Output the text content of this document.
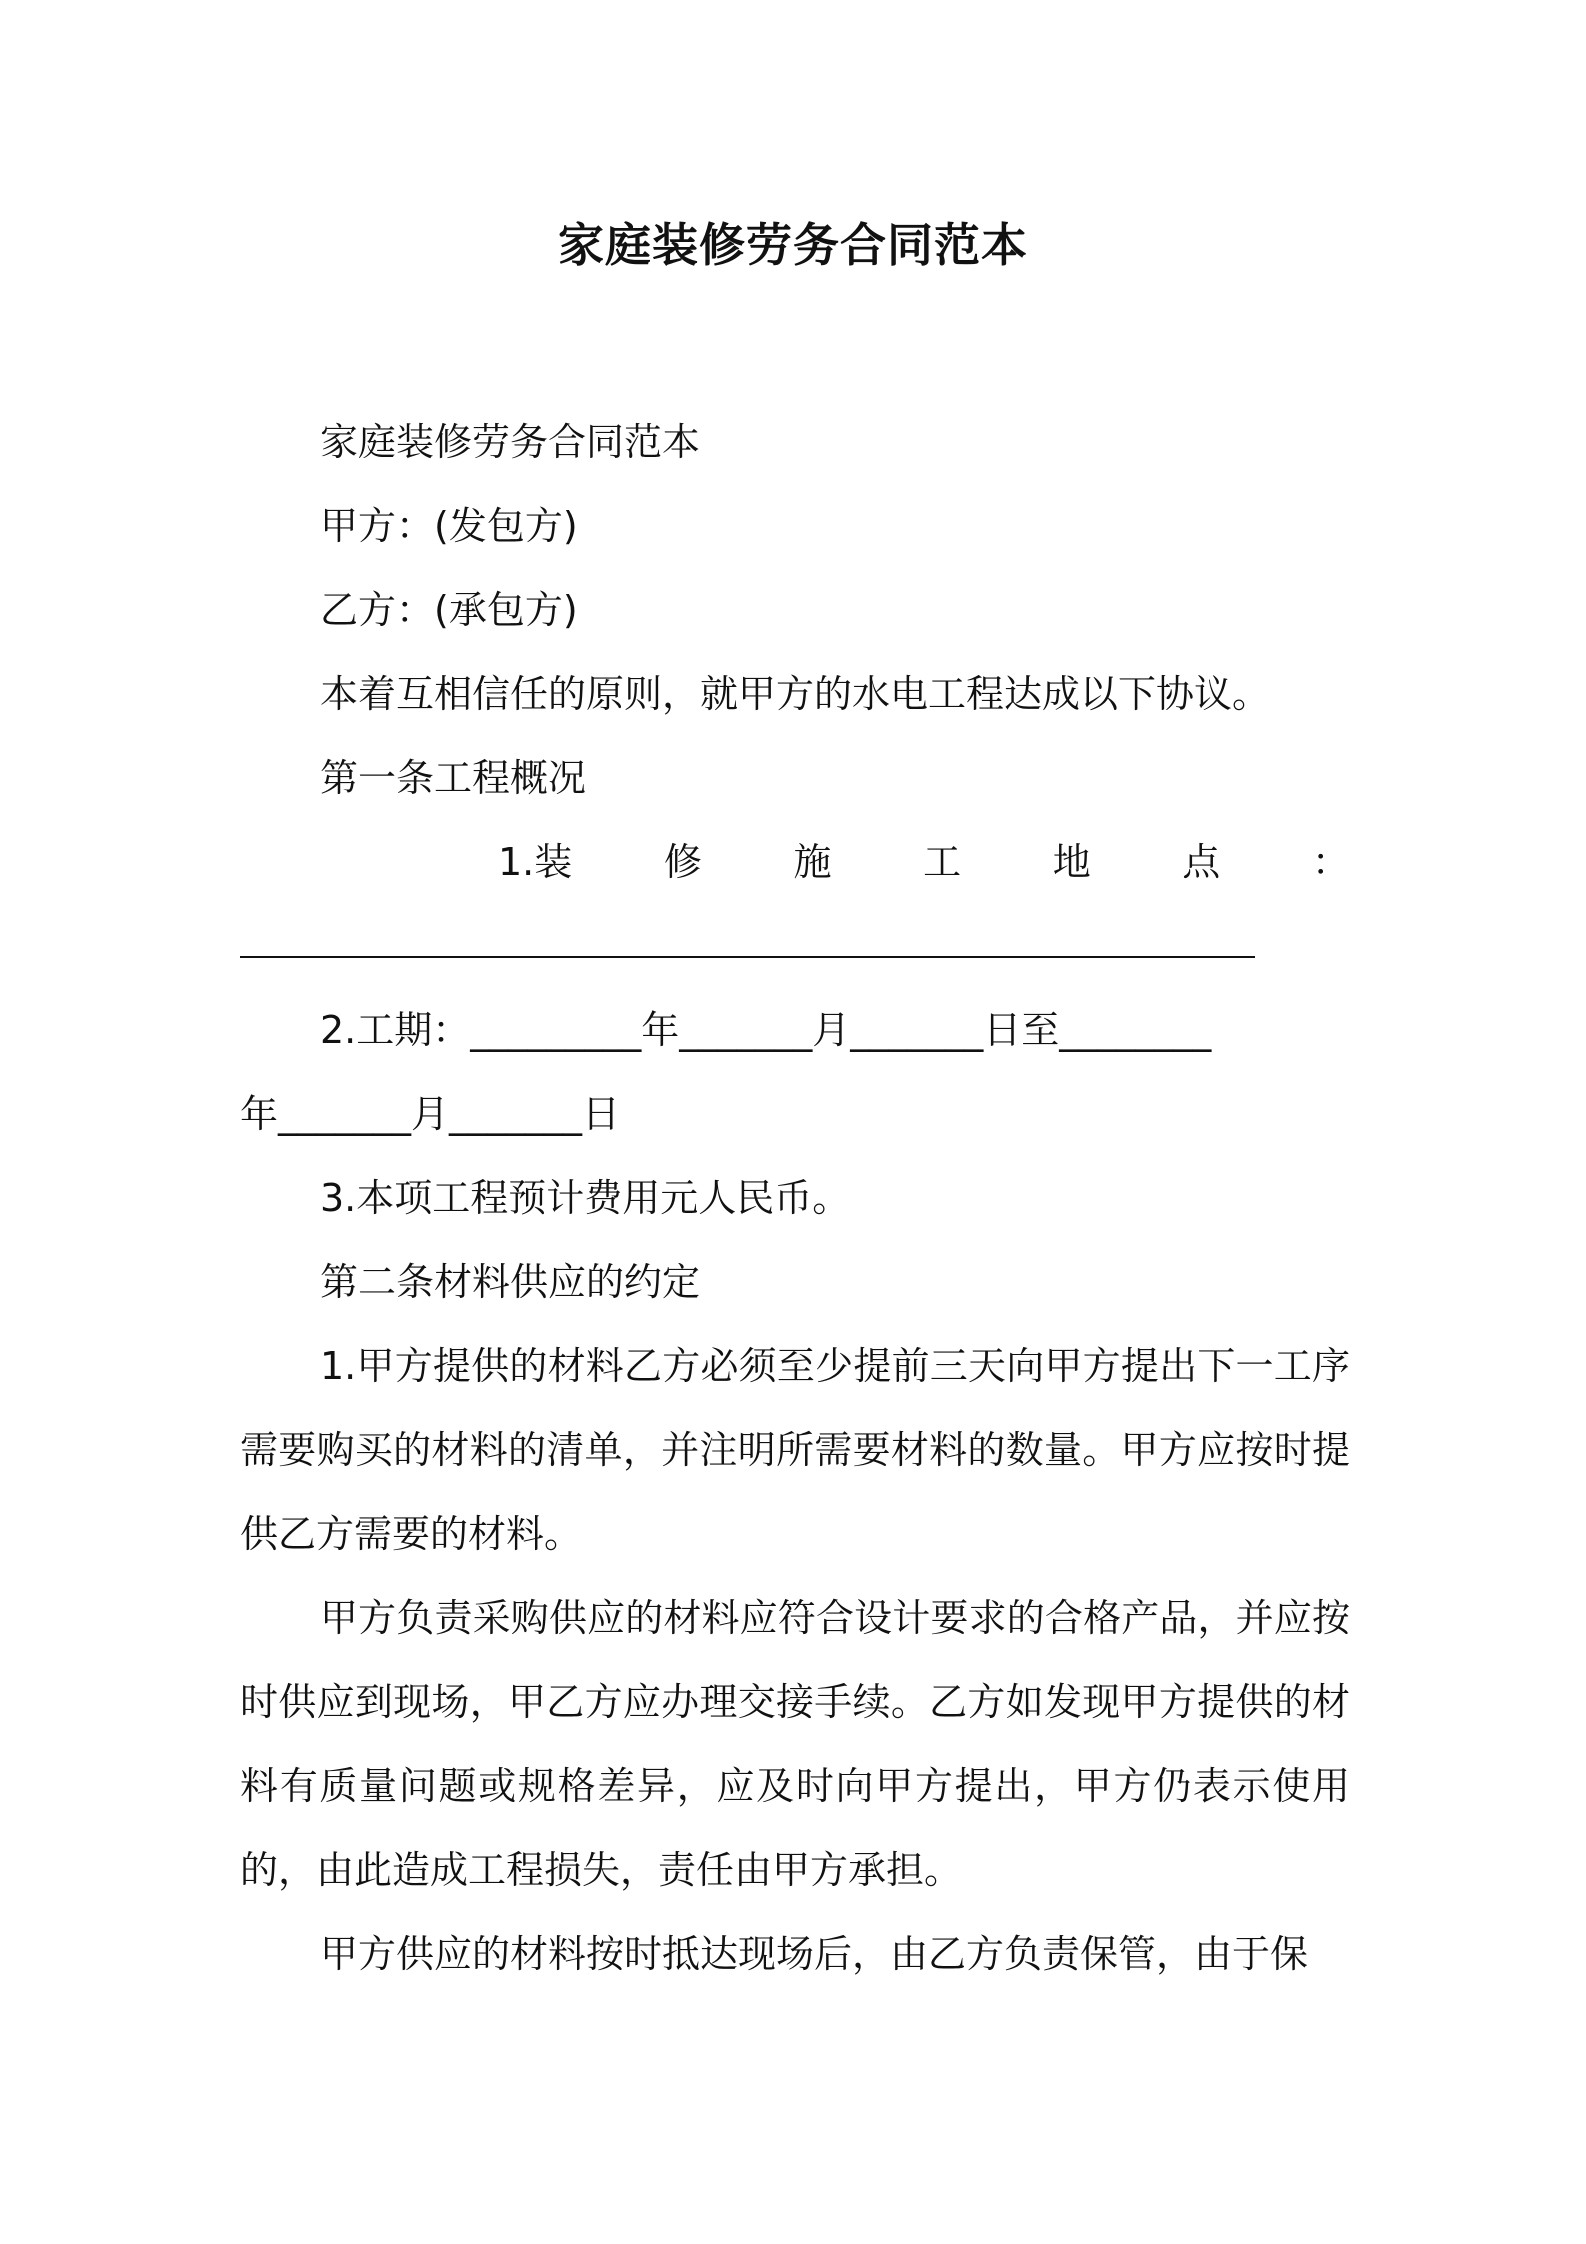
家庭装修劳务合同范本

家庭装修劳务合同范本

甲方：(发包方)

乙方：(承包方)

本着互相信任的原则，就甲方的水电工程达成以下协议。

第一条工程概况

1.装 修 施 工 地 点 ：

2.工期：_________年_______月_______日至________

年_______月_______日

3.本项工程预计费用元人民币。

第二条材料供应的约定

1.甲方提供的材料乙方必须至少提前三天向甲方提出下一工序需要购买的材料的清单，并注明所需要材料的数量。甲方应按时提供乙方需要的材料。

甲方负责采购供应的材料应符合设计要求的合格产品，并应按时供应到现场，甲乙方应办理交接手续。乙方如发现甲方提供的材料有质量问题或规格差异，应及时向甲方提出，甲方仍表示使用的，由此造成工程损失，责任由甲方承担。

甲方供应的材料按时抵达现场后，由乙方负责保管，由于保
